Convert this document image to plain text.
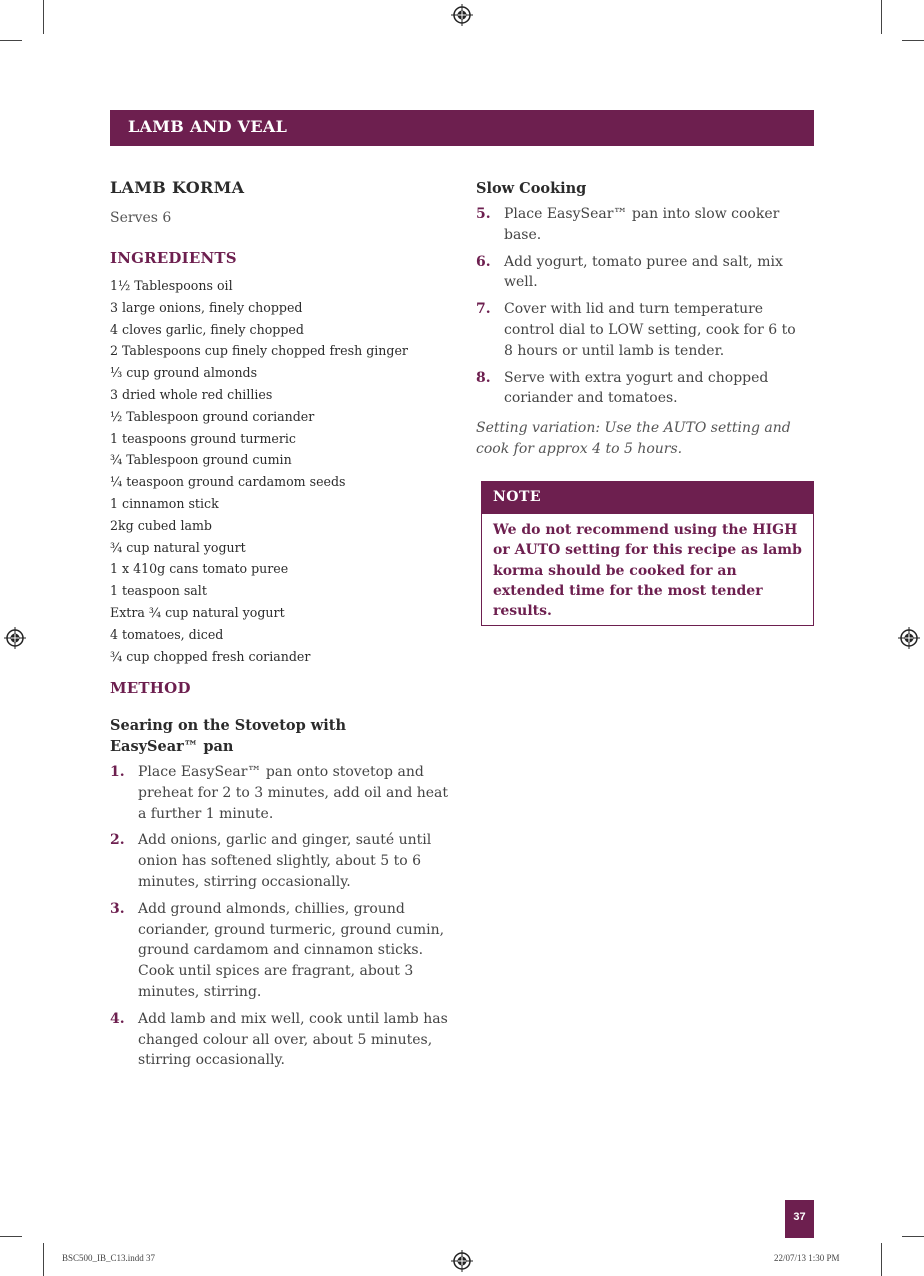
LAMB AND VEAL
LAMB KORMA
Serves 6
INGREDIENTS
1½ Tablespoons oil
3 large onions, finely chopped
4 cloves garlic, finely chopped
2 Tablespoons cup finely chopped fresh ginger
⅓ cup ground almonds
3 dried whole red chillies
½ Tablespoon ground coriander
1 teaspoons ground turmeric
¾ Tablespoon ground cumin
¼ teaspoon ground cardamom seeds
1 cinnamon stick
2kg cubed lamb
¾ cup natural yogurt
1 x 410g cans tomato puree
1 teaspoon salt
Extra ¾ cup natural yogurt
4 tomatoes, diced
¾ cup chopped fresh coriander
METHOD
Searing on the Stovetop with
EasySear™ pan
1. Place EasySear™ pan onto stovetop and preheat for 2 to 3 minutes, add oil and heat a further 1 minute.
2. Add onions, garlic and ginger, sauté until onion has softened slightly, about 5 to 6 minutes, stirring occasionally.
3. Add ground almonds, chillies, ground coriander, ground turmeric, ground cumin, ground cardamom and cinnamon sticks. Cook until spices are fragrant, about 3 minutes, stirring.
4. Add lamb and mix well, cook until lamb has changed colour all over, about 5 minutes, stirring occasionally.
Slow Cooking
5. Place EasySear™ pan into slow cooker base.
6. Add yogurt, tomato puree and salt, mix well.
7. Cover with lid and turn temperature control dial to LOW setting, cook for 6 to 8 hours or until lamb is tender.
8. Serve with extra yogurt and chopped coriander and tomatoes.
Setting variation: Use the AUTO setting and cook for approx 4 to 5 hours.
NOTE
We do not recommend using the HIGH or AUTO setting for this recipe as lamb korma should be cooked for an extended time for the most tender results.
37
BSC500_IB_C13.indd 37	22/07/13 1:30 PM
